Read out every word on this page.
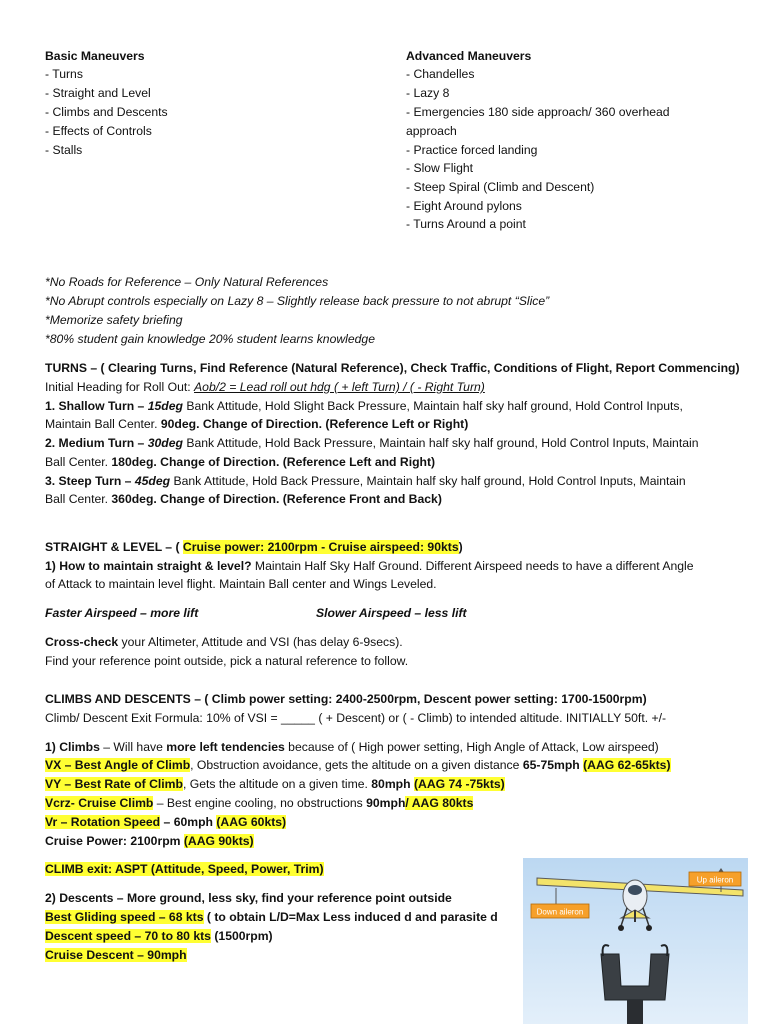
Basic Maneuvers
- Turns
- Straight and Level
- Climbs and Descents
- Effects of Controls
- Stalls
Advanced Maneuvers
- Chandelles
- Lazy 8
- Emergencies 180 side approach/ 360 overhead
approach
- Practice forced landing
- Slow Flight
- Steep Spiral (Climb and Descent)
- Eight Around pylons
- Turns Around a point
*No Roads for Reference – Only Natural References
*No Abrupt controls especially on Lazy 8 – Slightly release back pressure to not abrupt “Slice”
*Memorize safety briefing
*80% student gain knowledge 20% student learns knowledge
TURNS – ( Clearing Turns, Find Reference (Natural Reference), Check Traffic, Conditions of Flight, Report Commencing)
Initial Heading for Roll Out: Aob/2 = Lead roll out hdg ( + left Turn) / ( - Right Turn)
1. Shallow Turn – 15deg Bank Attitude, Hold Slight Back Pressure, Maintain half sky half ground, Hold Control Inputs,
Maintain Ball Center. 90deg. Change of Direction. (Reference Left or Right)
2. Medium Turn – 30deg Bank Attitude, Hold Back Pressure, Maintain half sky half ground, Hold Control Inputs, Maintain
Ball Center. 180deg. Change of Direction. (Reference Left and Right)
3. Steep Turn – 45deg Bank Attitude, Hold Back Pressure, Maintain half sky half ground, Hold Control Inputs, Maintain
Ball Center. 360deg. Change of Direction. (Reference Front and Back)
STRAIGHT & LEVEL – ( Cruise power: 2100rpm - Cruise airspeed: 90kts)
1) How to maintain straight & level? Maintain Half Sky Half Ground. Different Airspeed needs to have a different Angle
of Attack to maintain level flight. Maintain Ball center and Wings Leveled.
Faster Airspeed – more lift	Slower Airspeed – less lift
Cross-check your Altimeter, Attitude and VSI (has delay 6-9secs).
Find your reference point outside, pick a natural reference to follow.
CLIMBS AND DESCENTS – ( Climb power setting: 2400-2500rpm, Descent power setting: 1700-1500rpm)
Climb/ Descent Exit Formula: 10% of VSI = _____ ( + Descent) or ( - Climb) to intended altitude. INITIALLY 50ft. +/-
1) Climbs – Will have more left tendencies because of ( High power setting, High Angle of Attack, Low airspeed)
VX – Best Angle of Climb, Obstruction avoidance, gets the altitude on a given distance 65-75mph (AAG 62-65kts)
VY – Best Rate of Climb, Gets the altitude on a given time. 80mph (AAG 74 -75kts)
Vcrz- Cruise Climb – Best engine cooling, no obstructions 90mph/ AAG 80kts
Vr – Rotation Speed – 60mph (AAG 60kts)
Cruise Power: 2100rpm (AAG 90kts)
CLIMB exit: ASPT (Attitude, Speed, Power, Trim)
2) Descents – More ground, less sky, find your reference point outside
Best Gliding speed – 68 kts ( to obtain L/D=Max Less induced d and parasite d
Descent speed – 70 to 80 kts (1500rpm)
Cruise Descent – 90mph
Up aileron
Down aileron
